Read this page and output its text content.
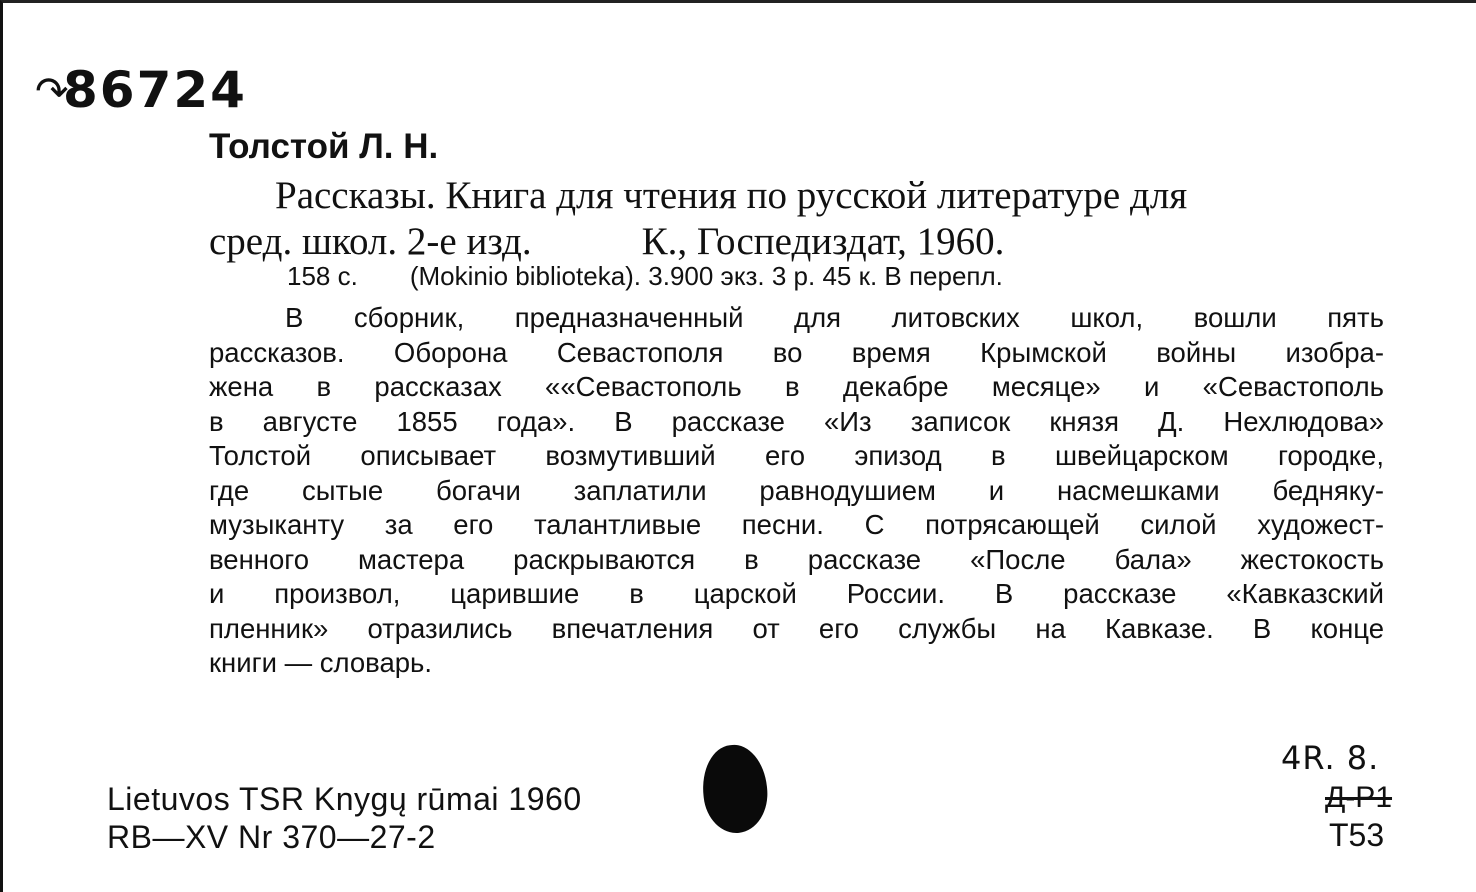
↷
86724
Толстой Л. Н.
Рассказы. Книга для чтения по русской литературе для
сред. школ. 2-е изд.	К., Госпедиздат, 1960.
158 с. (Mokinio biblioteka). 3.900 экз. 3 р. 45 к. В перепл.
В сборник, предназначенный для литовских школ, вошли пять
рассказов. Оборона Севастополя во время Крымской войны изобра-
жена в рассказах ««Севастополь в декабре месяце» и «Севастополь
в августе 1855 года». В рассказе «Из записок князя Д. Нехлюдова»
Толстой описывает возмутивший его эпизод в швейцарском городке,
где сытые богачи заплатили равнодушием и насмешками бедняку-
музыканту за его талантливые песни. С потрясающей силой художест-
венного мастера раскрываются в рассказе «После бала» жестокость
и произвол, царившие в царской России. В рассказе «Кавказский
пленник» отразились впечатления от его службы на Кавказе. В конце
книги — словарь.
Lietuvos TSR Knygų rūmai 1960
RB—XV Nr 370—27-2
4R. 8.
Д-Р1
Т53
